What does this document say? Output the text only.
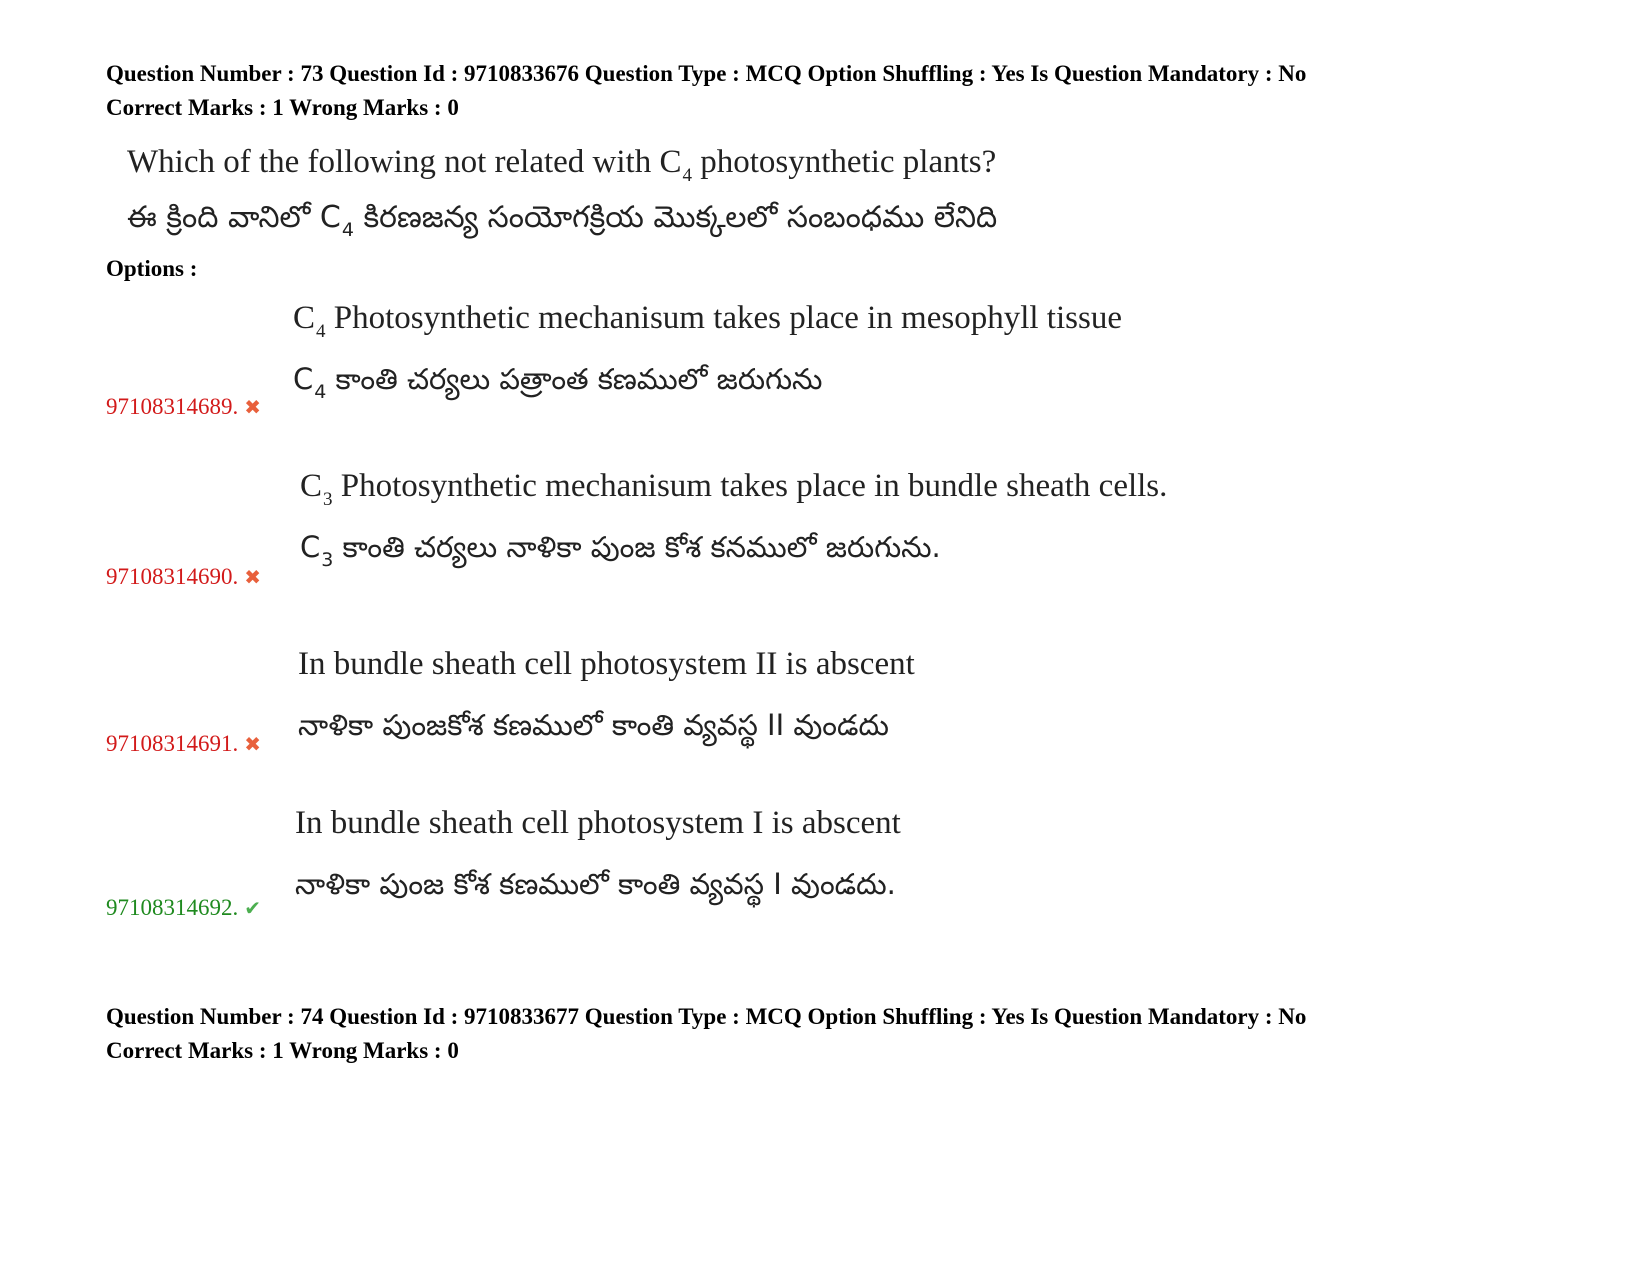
Question Number : 73 Question Id : 9710833676 Question Type : MCQ Option Shuffling : Yes Is Question Mandatory : No
Correct Marks : 1 Wrong Marks : 0
Which of the following not related with $C_4$ photosynthetic plants?
ఈ క్రింది వానిలో $C_4$ కిరణజన్య సంయోగక్రియ మొక్కలలో సంబంధము లేనిది
Options :
$C_4$ Photosynthetic mechanisum takes place in mesophyll tissue
$C_4$ కాంతి చర్యలు పత్రాంత కణములో జరుగును
97108314689. ✖
$C_3$ Photosynthetic mechanisum takes place in bundle sheath cells.
$C_3$ కాంతి చర్యలు నాళికా పుంజ కోశ కనములో జరుగును.
97108314690. ✖
In bundle sheath cell photosystem II is abscent
నాళికా పుంజకోశ కణములో కాంతి వ్యవస్థ II వుండదు
97108314691. ✖
In bundle sheath cell photosystem I is abscent
నాళికా పుంజ కోశ కణములో కాంతి వ్యవస్థ I వుండదు.
97108314692. ✔
Question Number : 74 Question Id : 9710833677 Question Type : MCQ Option Shuffling : Yes Is Question Mandatory : No
Correct Marks : 1 Wrong Marks : 0
